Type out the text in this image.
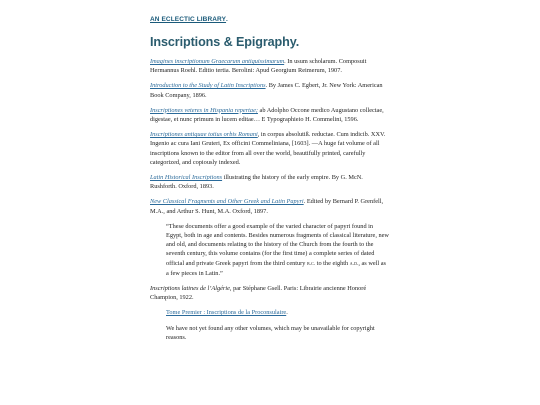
AN ECLECTIC LIBRARY.
Inscriptions & Epigraphy.

Imagines inscriptionum Graecarum antiquissimarum. In usum scholarum. Composuit Hermannus Roehl. Editio tertia. Berolini: Apud Georgium Reimerum, 1907.

Introduction to the Study of Latin Inscriptions. By James C. Egbert, Jr. New York: American Book Company, 1896.

Inscriptiones veteres in Hispania repertae; ab Adolpho Occone medico Augustano collectae, digestae, et nunc primum in lucem editae… E Typographieio H. Commelini, 1596.

Inscriptiones antiquae totius orbis Romani, in corpus absolutiß. reductae. Cum indicib. XXV. Ingenio ac cura Iani Gruteri, Ex officini Commeliniana, [1603]. —A huge fat volume of all inscriptions known to the editor from all over the world, beautifully printed, carefully categorized, and copiously indexed.

Latin Historical Inscriptions illustrating the history of the early empire. By G. McN. Rushforth. Oxford, 1893.

New Classical Fragments and Other Greek and Latin Papyri. Edited by Bernard P. Grenfell, M.A., and Arthur S. Hunt, M.A. Oxford, 1897.

“These documents offer a good example of the varied character of papyri found in Egypt, both in age and contents. Besides numerous fragments of classical literature, new and old, and documents relating to the history of the Church from the fourth to the seventh century, this volume contains (for the first time) a complete series of dated official and private Greek papyri from the third century b.c. to the eighth a.d., as well as a few pieces in Latin.”

Inscriptions latines de l’Algérie, par Stéphane Gsell. Paris: Librairie ancienne Honoré Champion, 1922.

Tome Premier : Inscriptions de la Proconsulaire.

We have not yet found any other volumes, which may be unavailable for copyright reasons.
